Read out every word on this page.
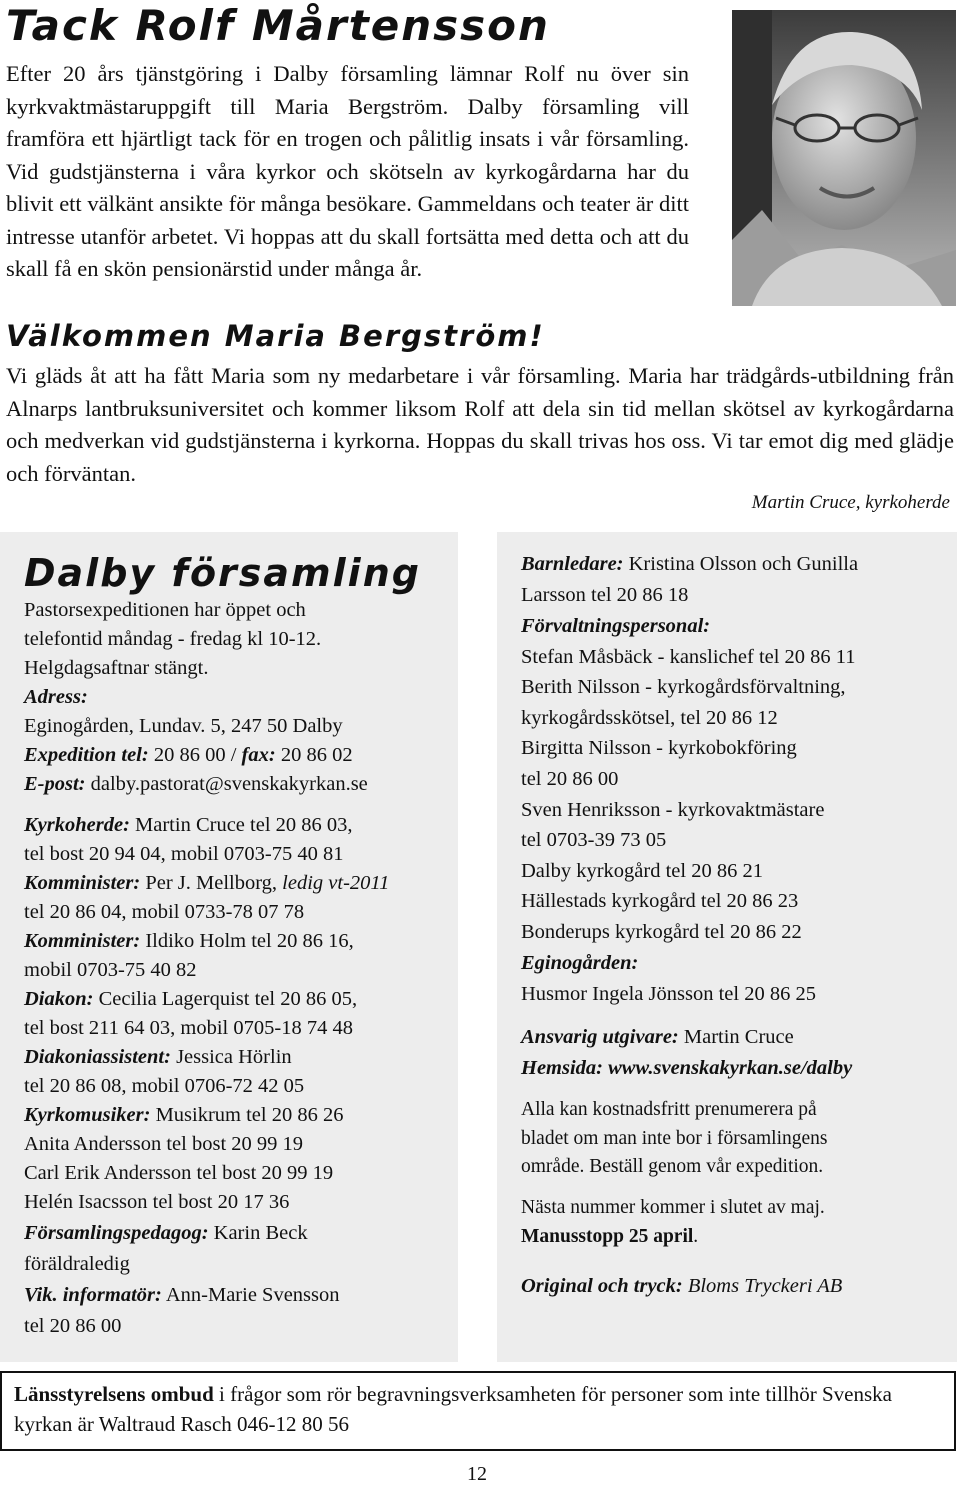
Tack Rolf Mårtensson

Efter 20 års tjänstgöring i Dalby församling lämnar Rolf nu över sin kyrkvaktmästaruppgift till Maria Bergström. Dalby församling vill framföra ett hjärtligt tack för en trogen och pålitlig insats i vår församling. Vid gudstjänsterna i våra kyrkor och skötseln av kyrkogårdarna har du blivit ett välkänt ansikte för många besökare. Gammeldans och teater är ditt intresse utanför arbetet. Vi hoppas att du skall fortsätta med detta och att du skall få en skön pensionärstid under många år.

Välkommen Maria Bergström!

Vi gläds åt att ha fått Maria som ny medarbetare i vår församling. Maria har trädgårds-utbildning från Alnarps lantbruksuniversitet och kommer liksom Rolf att dela sin tid mellan skötsel av kyrkogårdarna och medverkan vid gudstjänsterna i kyrkorna. Hoppas du skall trivas hos oss. Vi tar emot dig med glädje och förväntan.

Martin Cruce, kyrkoherde
Dalby församling
Pastorsexpeditionen har öppet och
telefontid måndag - fredag kl 10-12.
Helgdagsaftnar stängt.
Adress:
Eginogården, Lundav. 5, 247 50 Dalby
Expedition tel: 20 86 00 / fax: 20 86 02
E-post: dalby.pastorat@svenskakyrkan.se
Kyrkoherde: Martin Cruce tel 20 86 03,
tel bost 20 94 04, mobil 0703-75 40 81
Komminister: Per J. Mellborg, ledig vt-2011
tel 20 86 04, mobil 0733-78 07 78
Komminister: Ildiko Holm tel 20 86 16,
mobil 0703-75 40 82
Diakon: Cecilia Lagerquist tel 20 86 05,
tel bost 211 64 03, mobil 0705-18 74 48
Diakoniassistent: Jessica Hörlin
tel 20 86 08, mobil 0706-72 42 05
Kyrkomusiker: Musikrum tel 20 86 26
Anita Andersson tel bost 20 99 19
Carl Erik Andersson tel bost 20 99 19
Helén Isacsson tel bost 20 17 36
Församlingspedagog: Karin Beck
föräldraledig
Vik. informatör: Ann-Marie Svensson
tel 20 86 00
Barnledare: Kristina Olsson och Gunilla
Larsson tel 20 86 18
Förvaltningspersonal:
Stefan Måsbäck - kanslichef tel 20 86 11
Berith Nilsson - kyrkogårdsförvaltning,
kyrkogårdsskötsel, tel 20 86 12
Birgitta Nilsson - kyrkobokföring
tel 20 86 00
Sven Henriksson - kyrkovaktmästare
tel 0703-39 73 05
Dalby kyrkogård tel 20 86 21
Hällestads kyrkogård tel 20 86 23
Bonderups kyrkogård tel 20 86 22
Eginogården:
Husmor Ingela Jönsson tel 20 86 25
Ansvarig utgivare: Martin Cruce
Hemsida: www.svenskakyrkan.se/dalby
Alla kan kostnadsfritt prenumerera på
bladet om man inte bor i församlingens
område. Beställ genom vår expedition.
Nästa nummer kommer i slutet av maj.
Manusstopp 25 april.
Original och tryck: Bloms Tryckeri AB

Länsstyrelsens ombud i frågor som rör begravningsverksamheten för personer som inte tillhör Svenska kyrkan är Waltraud Rasch 046-12 80 56

12
